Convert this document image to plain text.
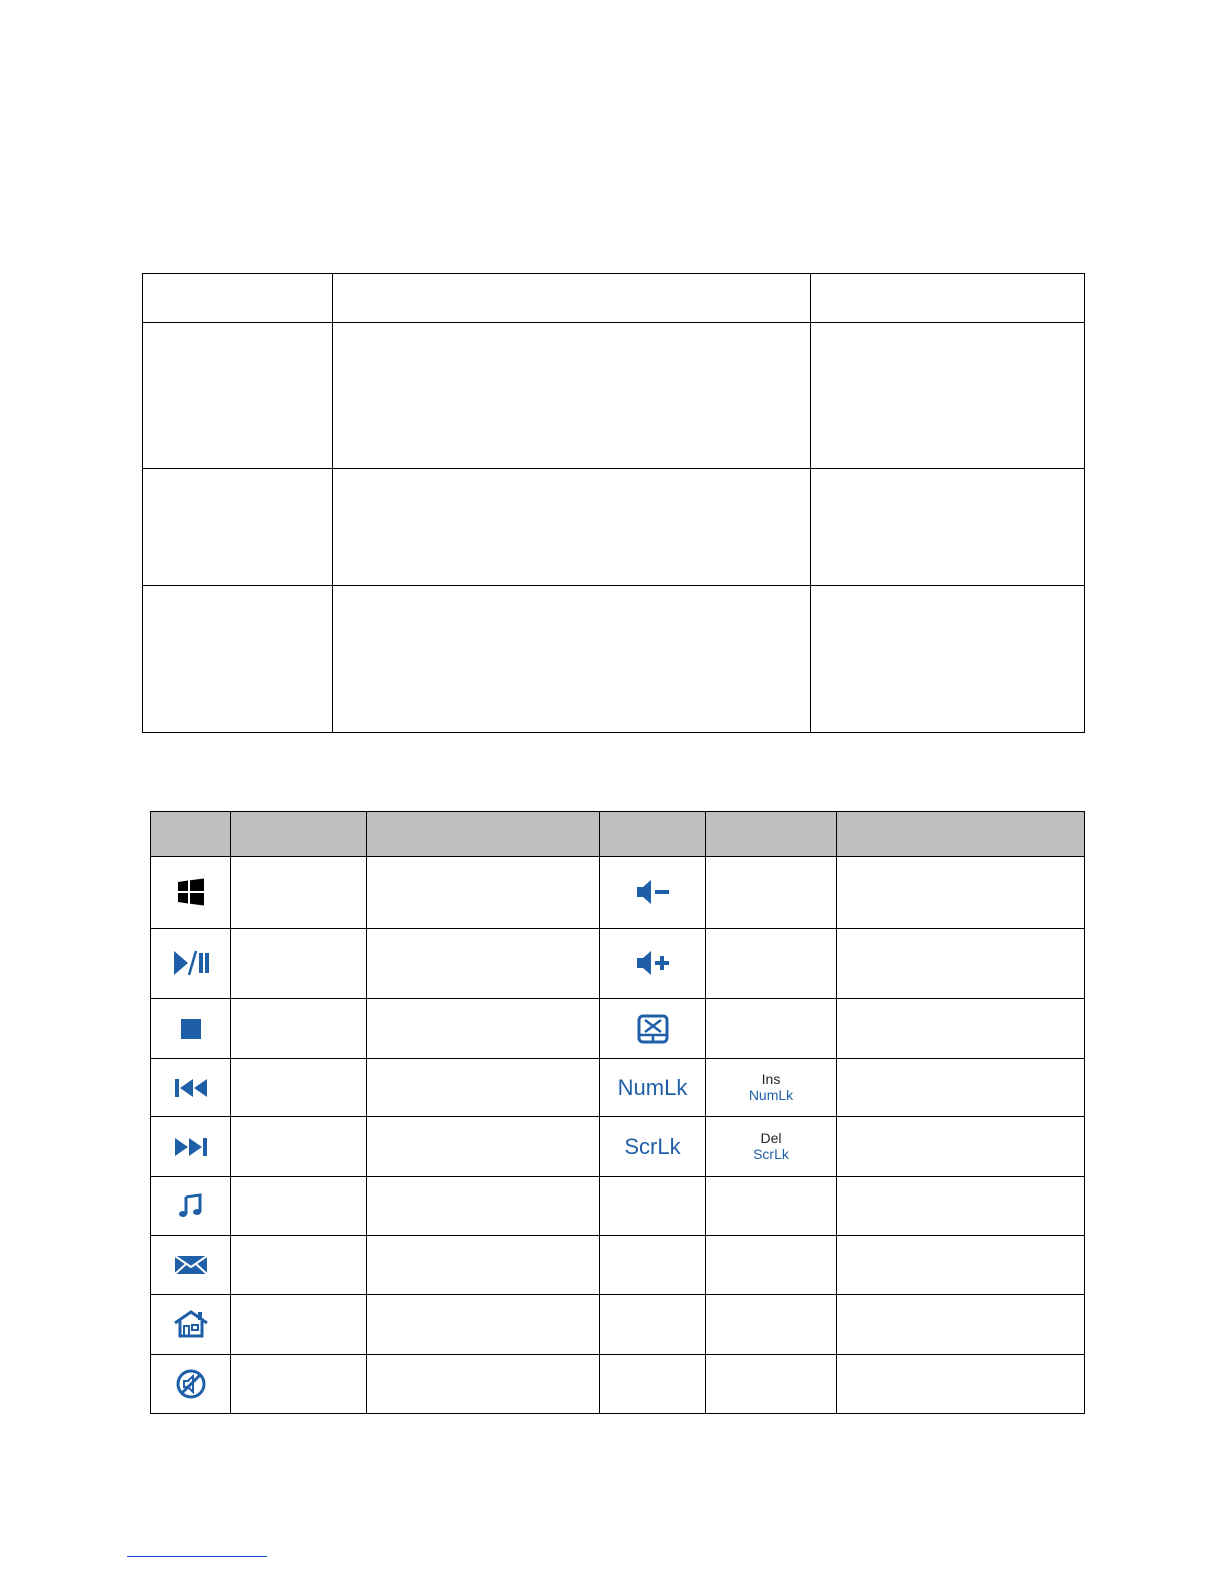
			NumLk	Ins
NumLk	

			ScrLk	Del
ScrLk	
